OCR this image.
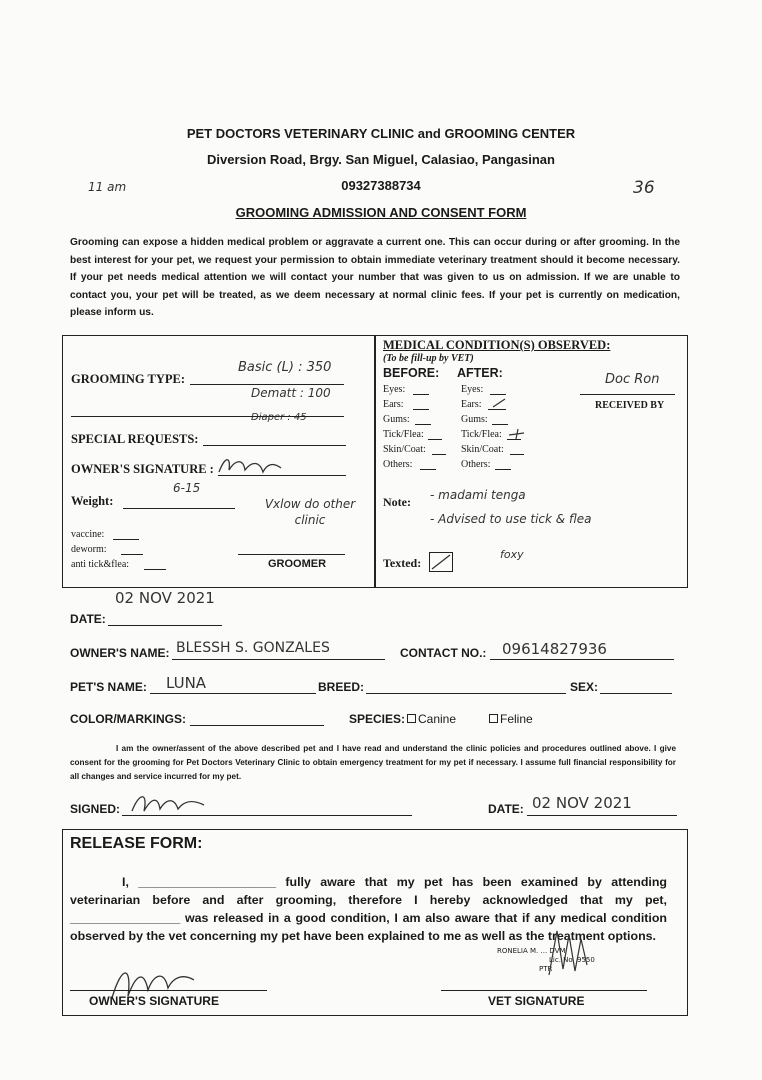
PET DOCTORS VETERINARY CLINIC and GROOMING CENTER
Diversion Road, Brgy. San Miguel, Calasiao, Pangasinan
09327388734
GROOMING ADMISSION AND CONSENT FORM
11 am	36
Grooming can expose a hidden medical problem or aggravate a current one. This can occur during or after grooming. In the best interest for your pet, we request your permission to obtain immediate veterinary treatment should it become necessary. If your pet needs medical attention we will contact your number that was given to us on admission. If we are unable to contact you, your pet will be treated, as we deem necessary at normal clinic fees. If your pet is currently on medication, please inform us.
GROOMING TYPE:
Basic (L) : 350
Dematt : 100
Diaper : 45
SPECIAL REQUESTS:
OWNER'S SIGNATURE :
Weight:
6-15
Vxlow do other clinic
vaccine:
deworm:
anti tick&flea:	GROOMER
MEDICAL CONDITION(S) OBSERVED:
(To be fill-up by VET)
BEFORE: AFTER:
Eyes:	Eyes:
Ears:	Ears:
Gums:	Gums:
Tick/Flea:	Tick/Flea:
Skin/Coat:	Skin/Coat:
Others:	Others:
Doc Ron
RECEIVED BY
Note: - madami tenga
- Advised to use tick & flea
Texted:
foxy
02 NOV 2021
DATE:
OWNER'S NAME: BLESSH S. GONZALES	CONTACT NO.: 09614827936
PET'S NAME: LUNA	BREED:	SEX:
COLOR/MARKINGS:	SPECIES: Canine	Feline
I am the owner/assent of the above described pet and I have read and understand the clinic policies and procedures outlined above. I give consent for the grooming for Pet Doctors Veterinary Clinic to obtain emergency treatment for my pet if necessary. I assume full financial responsibility for all changes and service incurred for my pet.
SIGNED:	DATE: 02 NOV 2021
RELEASE FORM:
I, ____________________ fully aware that my pet has been examined by attending veterinarian before and after grooming, therefore I hereby acknowledged that my pet, ________________ was released in a good condition, I am also aware that if any medical condition observed by the vet concerning my pet have been explained to me as well as the treatment options.
RONELIA M. ... DVM
Lic. No. 9550
PTR
OWNER'S SIGNATURE	VET SIGNATURE
